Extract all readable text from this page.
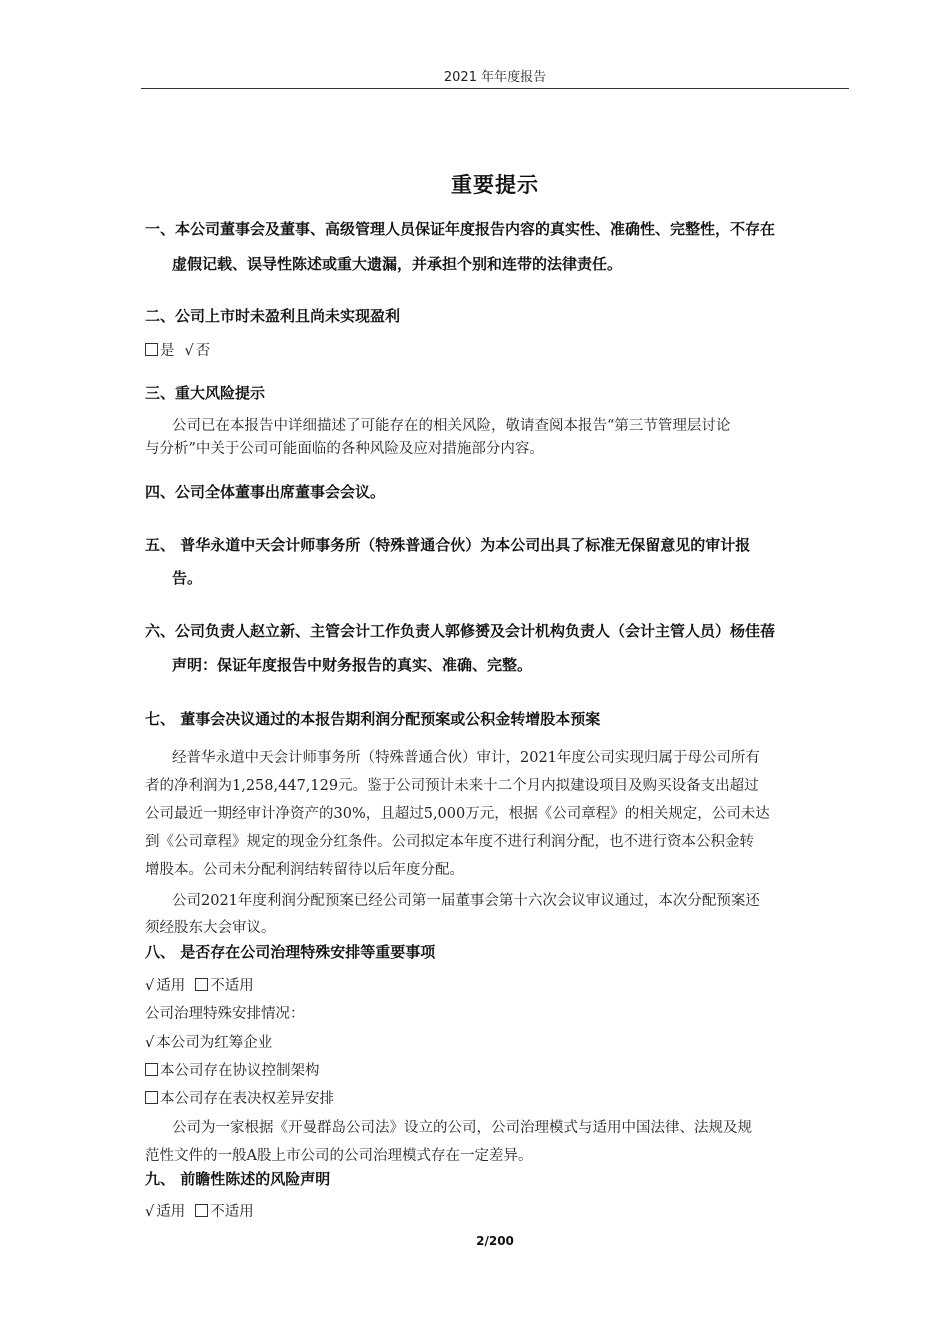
2021 年年度报告
重要提示
一、本公司董事会及董事、高级管理人员保证年度报告内容的真实性、准确性、完整性，不存在
虚假记载、误导性陈述或重大遗漏，并承担个别和连带的法律责任。
二、公司上市时未盈利且尚未实现盈利
是 √ 否
三、重大风险提示
公司已在本报告中详细描述了可能存在的相关风险，敬请查阅本报告“第三节管理层讨论
与分析”中关于公司可能面临的各种风险及应对措施部分内容。
四、公司全体董事出席董事会会议。
五、 普华永道中天会计师事务所（特殊普通合伙）为本公司出具了标准无保留意见的审计报
告。
六、公司负责人赵立新、主管会计工作负责人郭修赟及会计机构负责人（会计主管人员）杨佳蓓
声明：保证年度报告中财务报告的真实、准确、完整。
七、 董事会决议通过的本报告期利润分配预案或公积金转增股本预案
经普华永道中天会计师事务所（特殊普通合伙）审计，2021年度公司实现归属于母公司所有
者的净利润为1,258,447,129元。鉴于公司预计未来十二个月内拟建设项目及购买设备支出超过
公司最近一期经审计净资产的30%，且超过5,000万元，根据《公司章程》的相关规定，公司未达
到《公司章程》规定的现金分红条件。公司拟定本年度不进行利润分配，也不进行资本公积金转
增股本。公司未分配利润结转留待以后年度分配。
公司2021年度利润分配预案已经公司第一届董事会第十六次会议审议通过，本次分配预案还
须经股东大会审议。
八、 是否存在公司治理特殊安排等重要事项
√ 适用 不适用
公司治理特殊安排情况：
√ 本公司为红筹企业
本公司存在协议控制架构
本公司存在表决权差异安排
公司为一家根据《开曼群岛公司法》设立的公司，公司治理模式与适用中国法律、法规及规
范性文件的一般A股上市公司的公司治理模式存在一定差异。
九、 前瞻性陈述的风险声明
√ 适用 不适用
2/200
